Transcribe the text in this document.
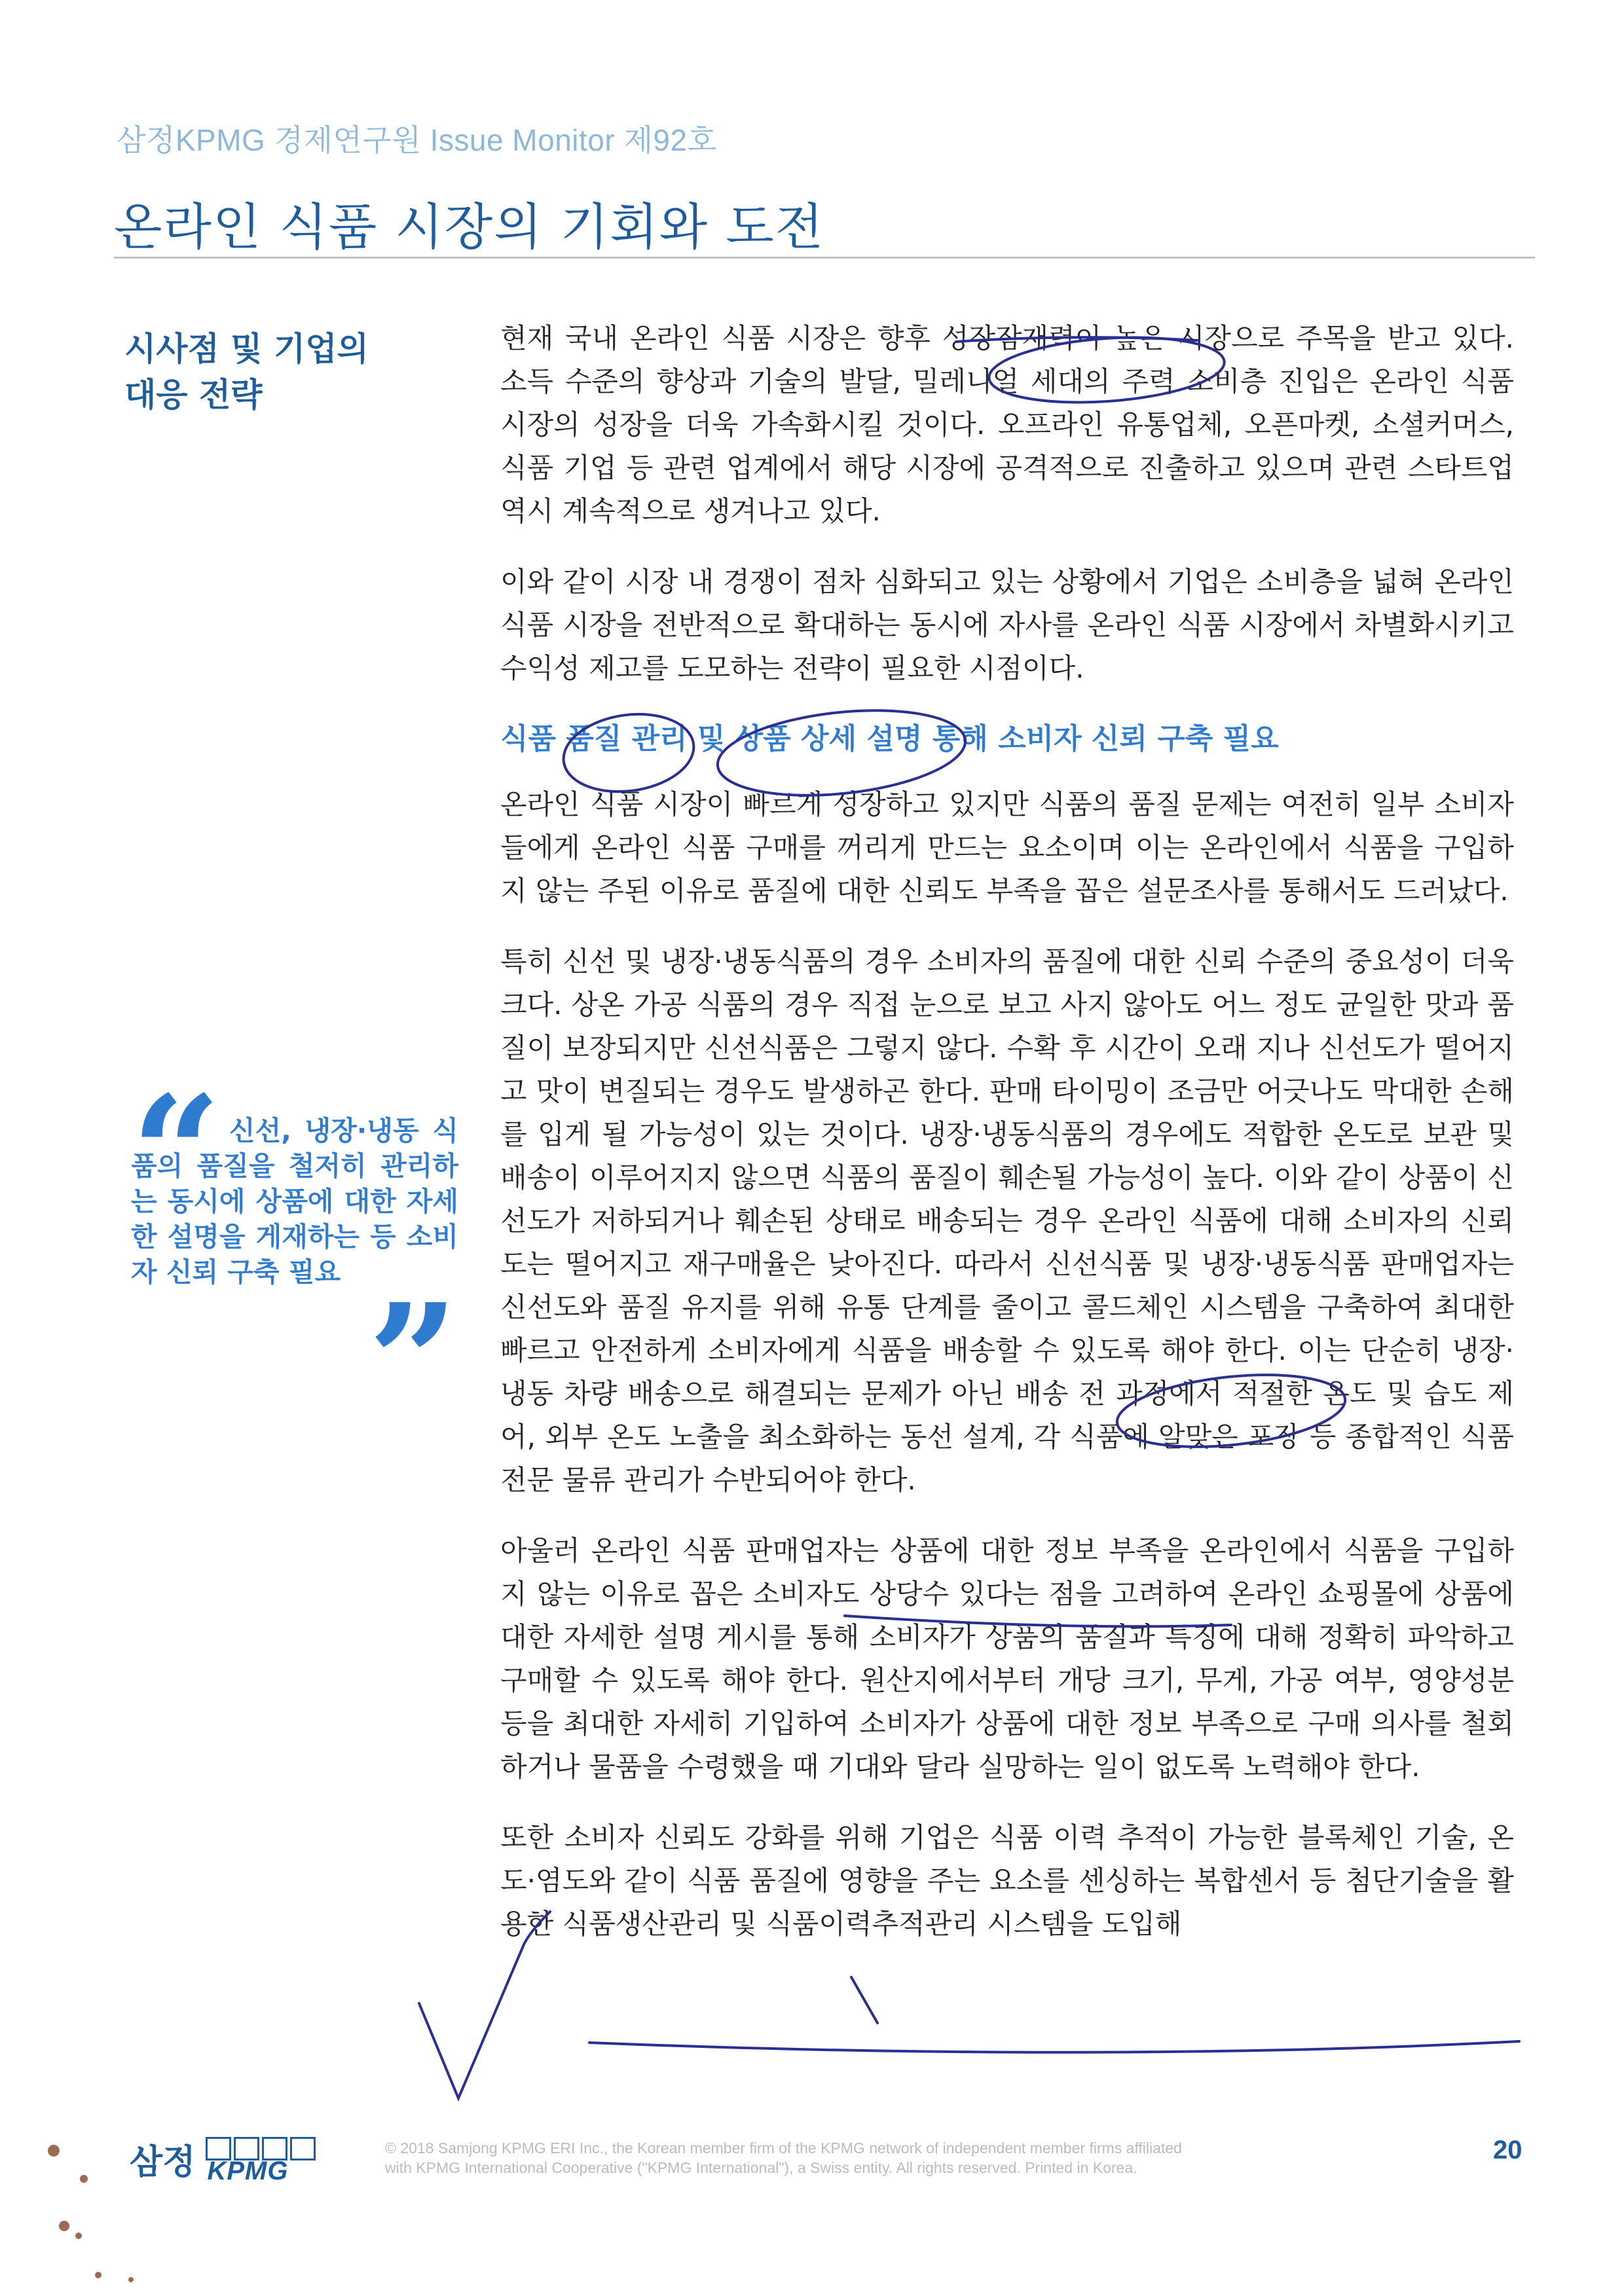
삼정KPMG 경제연구원 Issue Monitor 제92호
온라인 식품 시장의 기회와 도전
시사점 및 기업의
대응 전략
“ 신선, 냉장·냉동 식품의 품질을 철저히 관리하는 동시에 상품에 대한 자세한 설명을 게재하는 등 소비자 신뢰 구축 필요 ”

현재 국내 온라인 식품 시장은 향후 성장잠재력이 높은 시장으로 주목을 받고 있다. 소득 수준의 향상과 기술의 발달, 밀레니얼 세대의 주력 소비층 진입은 온라인 식품 시장의 성장을 더욱 가속화시킬 것이다. 오프라인 유통업체, 오픈마켓, 소셜커머스, 식품 기업 등 관련 업계에서 해당 시장에 공격적으로 진출하고 있으며 관련 스타트업 역시 계속적으로 생겨나고 있다.

이와 같이 시장 내 경쟁이 점차 심화되고 있는 상황에서 기업은 소비층을 넓혀 온라인 식품 시장을 전반적으로 확대하는 동시에 자사를 온라인 식품 시장에서 차별화시키고 수익성 제고를 도모하는 전략이 필요한 시점이다.

식품 품질 관리 및 상품 상세 설명 통해 소비자 신뢰 구축 필요

온라인 식품 시장이 빠르게 성장하고 있지만 식품의 품질 문제는 여전히 일부 소비자들에게 온라인 식품 구매를 꺼리게 만드는 요소이며 이는 온라인에서 식품을 구입하지 않는 주된 이유로 품질에 대한 신뢰도 부족을 꼽은 설문조사를 통해서도 드러났다.

특히 신선 및 냉장·냉동식품의 경우 소비자의 품질에 대한 신뢰 수준의 중요성이 더욱 크다. 상온 가공 식품의 경우 직접 눈으로 보고 사지 않아도 어느 정도 균일한 맛과 품질이 보장되지만 신선식품은 그렇지 않다. 수확 후 시간이 오래 지나 신선도가 떨어지고 맛이 변질되는 경우도 발생하곤 한다. 판매 타이밍이 조금만 어긋나도 막대한 손해를 입게 될 가능성이 있는 것이다. 냉장·냉동식품의 경우에도 적합한 온도로 보관 및 배송이 이루어지지 않으면 식품의 품질이 훼손될 가능성이 높다. 이와 같이 상품이 신선도가 저하되거나 훼손된 상태로 배송되는 경우 온라인 식품에 대해 소비자의 신뢰도는 떨어지고 재구매율은 낮아진다. 따라서 신선식품 및 냉장·냉동식품 판매업자는 신선도와 품질 유지를 위해 유통 단계를 줄이고 콜드체인 시스템을 구축하여 최대한 빠르고 안전하게 소비자에게 식품을 배송할 수 있도록 해야 한다. 이는 단순히 냉장·냉동 차량 배송으로 해결되는 문제가 아닌 배송 전 과정에서 적절한 온도 및 습도 제어, 외부 온도 노출을 최소화하는 동선 설계, 각 식품에 알맞은 포장 등 종합적인 식품 전문 물류 관리가 수반되어야 한다.

아울러 온라인 식품 판매업자는 상품에 대한 정보 부족을 온라인에서 식품을 구입하지 않는 이유로 꼽은 소비자도 상당수 있다는 점을 고려하여 온라인 쇼핑몰에 상품에 대한 자세한 설명 게시를 통해 소비자가 상품의 품질과 특징에 대해 정확히 파악하고 구매할 수 있도록 해야 한다. 원산지에서부터 개당 크기, 무게, 가공 여부, 영양성분 등을 최대한 자세히 기입하여 소비자가 상품에 대한 정보 부족으로 구매 의사를 철회하거나 물품을 수령했을 때 기대와 달라 실망하는 일이 없도록 노력해야 한다.

또한 소비자 신뢰도 강화를 위해 기업은 식품 이력 추적이 가능한 블록체인 기술, 온도·염도와 같이 식품 품질에 영향을 주는 요소를 센싱하는 복합센서 등 첨단기술을 활용한 식품생산관리 및 식품이력추적관리 시스템을 도입해

삼정 KPMG
© 2018 Samjong KPMG ERI Inc., the Korean member firm of the KPMG network of independent member firms affiliated
with KPMG International Cooperative ("KPMG International"), a Swiss entity. All rights reserved. Printed in Korea.
20
